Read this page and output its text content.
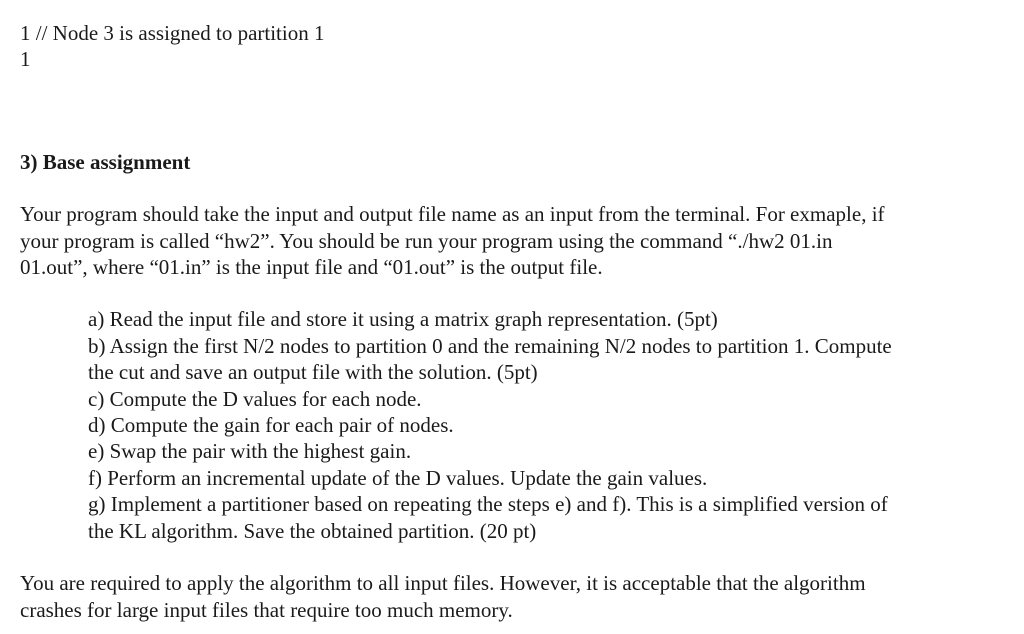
1 // Node 3 is assigned to partition 1
1
3) Base assignment
Your program should take the input and output file name as an input from the terminal. For exmaple, if
your program is called “hw2”. You should be run your program using the command “./hw2 01.in
01.out”, where “01.in” is the input file and “01.out” is the output file.
a) Read the input file and store it using a matrix graph representation. (5pt)
b) Assign the first N/2 nodes to partition 0 and the remaining N/2 nodes to partition 1. Compute
the cut and save an output file with the solution. (5pt)
c) Compute the D values for each node.
d) Compute the gain for each pair of nodes.
e) Swap the pair with the highest gain.
f) Perform an incremental update of the D values. Update the gain values.
g) Implement a partitioner based on repeating the steps e) and f). This is a simplified version of
the KL algorithm. Save the obtained partition. (20 pt)
You are required to apply the algorithm to all input files. However, it is acceptable that the algorithm
crashes for large input files that require too much memory.
